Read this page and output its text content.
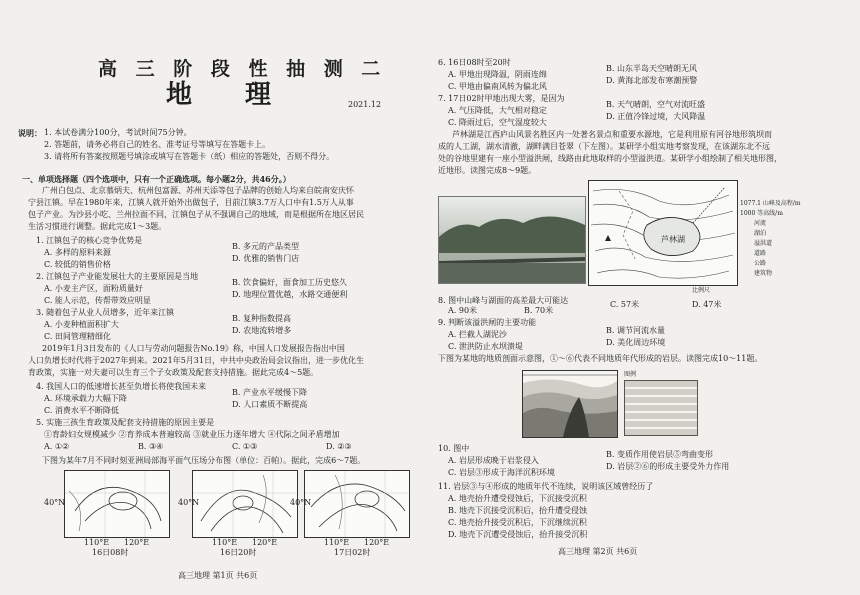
高 三 阶 段 性 抽 测 二
地 理	2021.12
说明： 1. 本试卷满分100分，考试时间75分钟。
2. 答题前，请务必将自己的姓名、准考证号等填写在答题卡上。
3. 请将所有答案按照题号填涂或填写在答题卡（纸）相应的答题处，否则不得分。
一、单项选择题（四个选项中，只有一个正确选项。每小题2分，共46分。）
广州白包点、北京慕炳夫、杭州包富源、苏州天添等包子品牌的创始人均来自皖南安庆怀
宁县江镇。早在1980年来，江镇人就开始外出做包子，目前江镇3.7万人口中有1.5万人从事
包子产业。为沙县小吃、兰州拉面不同，江镇包子从不强调自己的地域，而是根据所在地区居民
生活习惯进行调整。据此完成1～3题。
1. 江镇包子的核心竞争优势是
A. 多样的原料来源
B. 多元的产品类型
C. 较低的销售价格
D. 优雅的销售门店
2. 江镇包子产业能发展壮大的主要原因是当地
A. 小麦主产区，面粉质量好
B. 饮食偏好，面食加工历史悠久
C. 能人示范，传帮带效应明显
D. 地理位置优越，水路交通便利
3. 随着包子从业人员增多，近年来江镇
A. 小麦种植面积扩大
B. 复种指数提高
C. 田间管理精细化
D. 农地流转增多
2019年1月3日发布的《人口与劳动问题报告No.19》称，中国人口发展报告指出中国
人口负增长时代将于2027年到来。2021年5月31日，中共中央政治局会议指出，进一步优化生
育政策，实施一对夫妻可以生育三个子女政策及配套支持措施。据此完成4～5题。
4. 我国人口的低速增长甚至负增长将使我国未来
A. 环境承载力大幅下降
B. 产业水平缓慢下降
C. 消费水平不断降低
D. 人口素质不断提高
5. 实施三孩生育政策及配套支持措施的原因主要是
①育龄妇女规模减少 ②育养成本普遍较高 ③就业压力逐年增大 ④代际之间矛盾增加
A. ①②	B. ③④	C. ①③	D. ②③
下图为某年7月不同时刻亚洲局部海平面气压场分布图（单位：百帕）。据此，完成6～7题。
40°N	40°N	40°N
110°E 120°E	110°E 120°E	110°E 120°E
16日08时	16日20时	17日02时
高三地理 第1页 共6页
6. 16日08时至20时
A. 甲地出现降温，阴雨连绵
B. 山东半岛天空晴朗无风
C. 甲地由偏南风转为偏北风
D. 黄海北部发布寒潮预警
7. 17日02时甲地出现大雾，是因为
A. 气压降低，大气相对稳定
B. 天气晴朗，空气对流旺盛
C. 降雨过后，空气湿度较大
D. 正值冷锋过境，大风降温
芦林湖是江西庐山风景名胜区内一处著名景点和重要水源地，它是利用原有河谷地形筑坝而
成的人工湖，湖水清澈，湖畔满目苍翠（下左图）。某研学小组实地考察发现，在该湖东北不远
处的谷地里建有一座小型溢洪闸，线路由此地取样的小型溢洪道。某研学小组绘制了相关地形图，
近地形。读图完成8～9题。
芦林湖
1077.1 山峰及高程/m
1000 等高线/m
河流
湖泊
溢洪道
道路
公路
建筑物
比例尺
8. 图中山峰与湖面的高差最大可能达
A. 90米	B. 70米
C. 57米	D. 47米
9. 判断该溢洪闸的主要功能
A. 拦截人湖泥沙	B. 调节河流水量
C. 泄洪防止水坝溃堤	D. 美化周边环境
下图为某地的地质剖面示意图，①～⑥代表不同地质年代形成的岩层。读图完成10～11题。
图例
10. 图中
A. 岩层形成晚于岩浆侵入
B. 变质作用使岩层⑤弯曲变形
C. 岩层③形成于海洋沉积环境
D. 岩层②⑥的形成主要受外力作用
11. 岩层③与④形成的地质年代不连续，说明该区域曾经历了
A. 地壳抬升遭受侵蚀后，下沉接受沉积
B. 地壳下沉接受沉积后，抬升遭受侵蚀
C. 地壳抬升接受沉积后，下沉继续沉积
D. 地壳下沉遭受侵蚀后，抬升接受沉积
高三地理 第2页 共6页
